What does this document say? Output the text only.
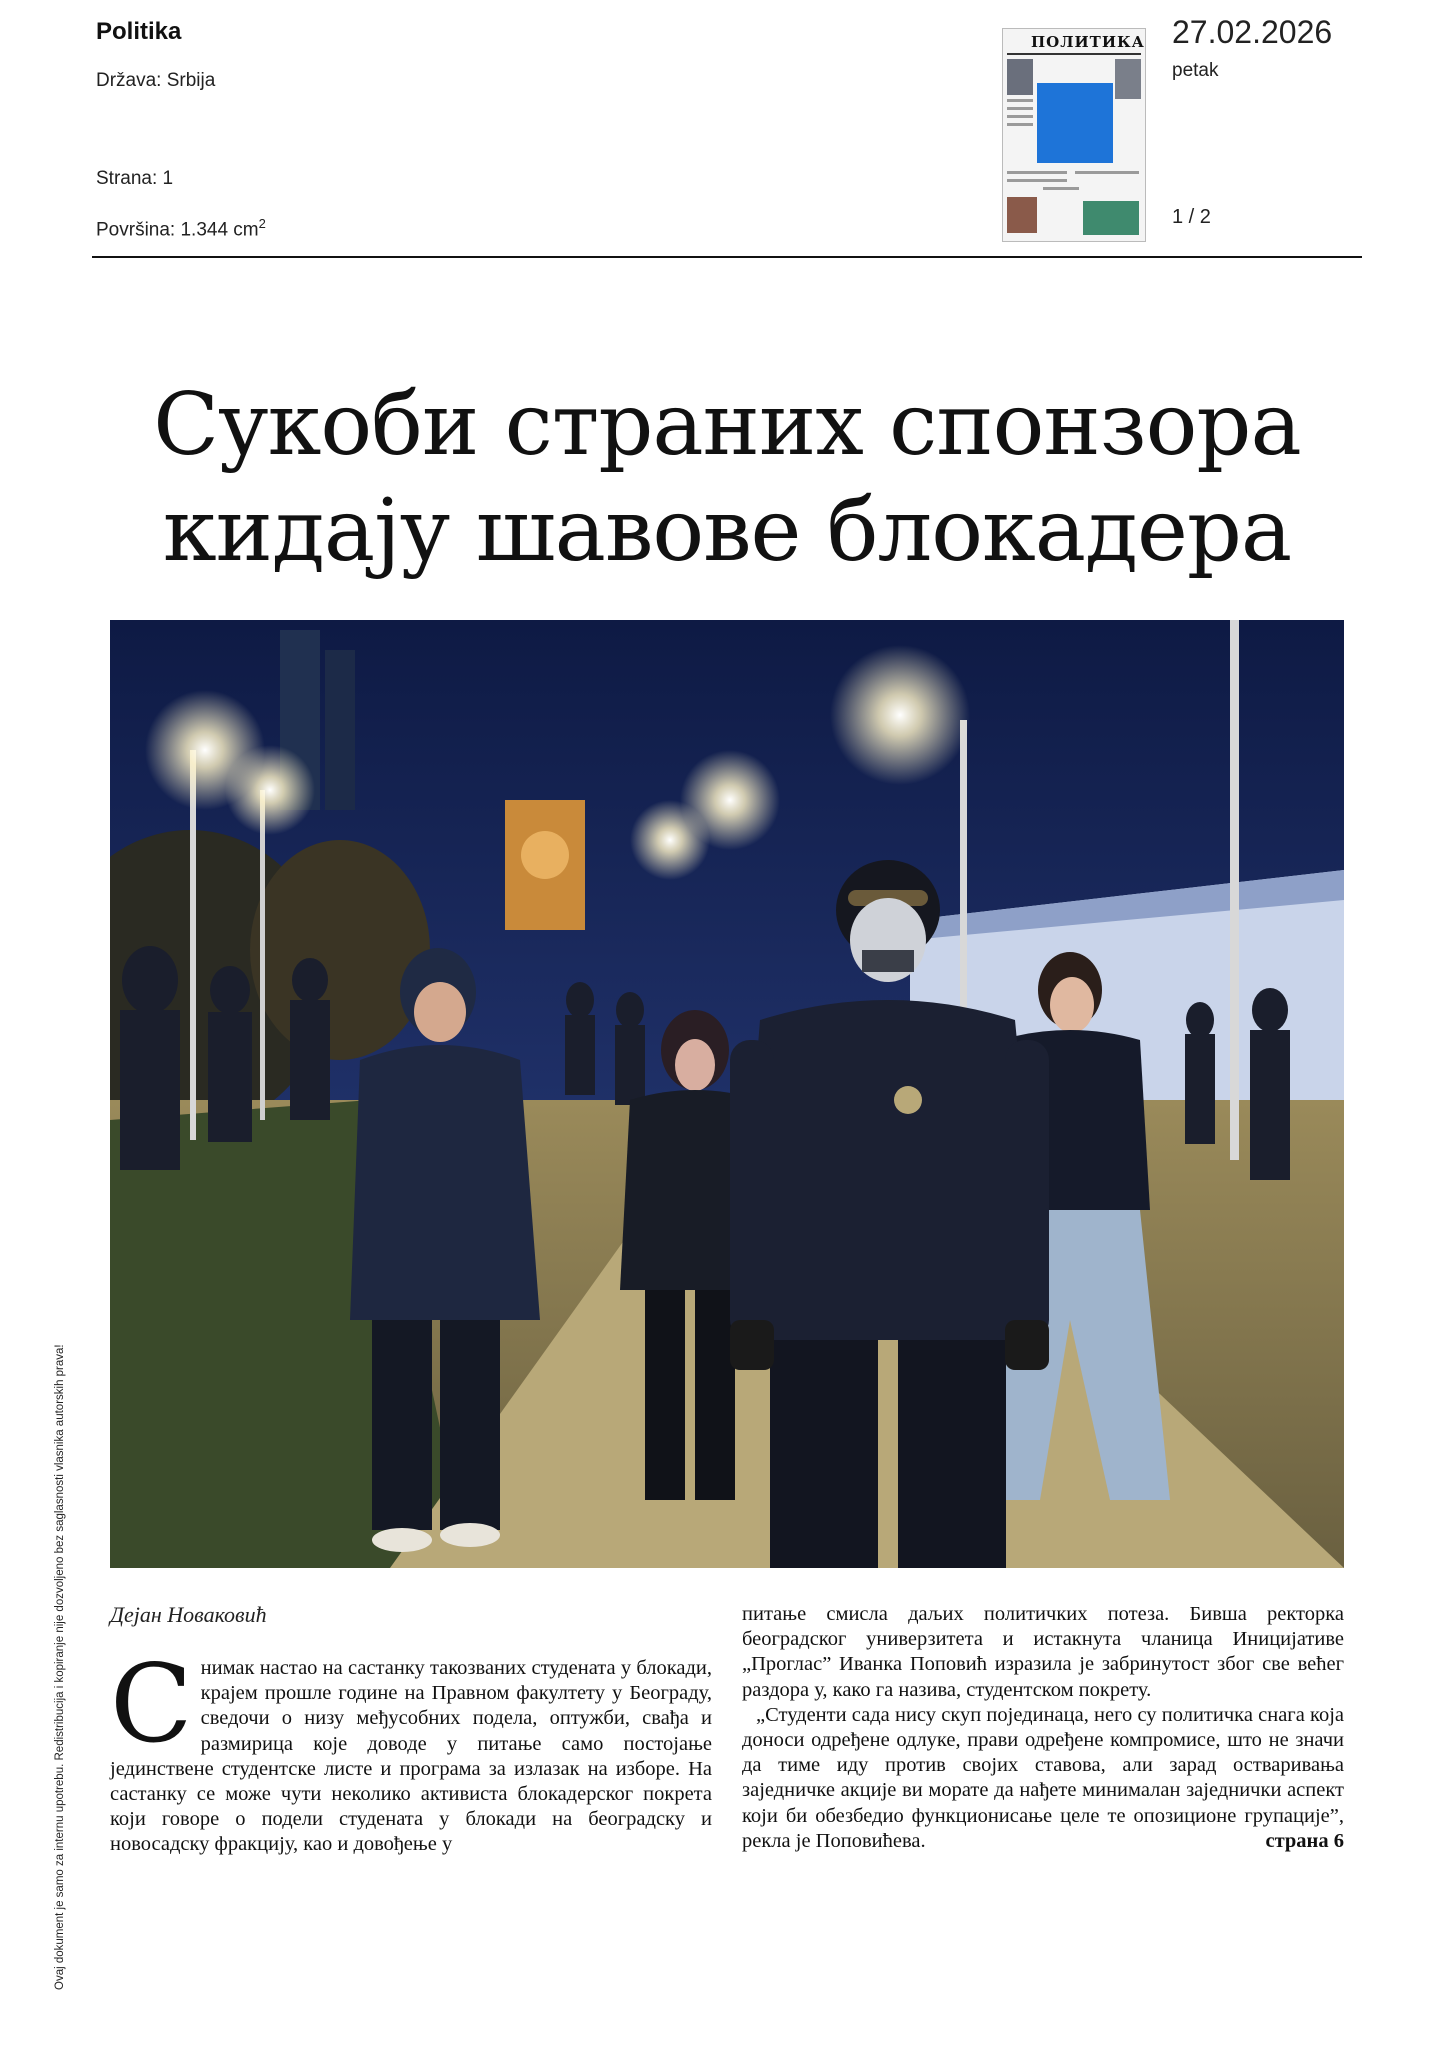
Politika
Država: Srbija
Strana: 1
Površina: 1.344 $cm^2$
ПОЛИТИКА 27.02.2026
petak
1 / 2
Ovaj dokument je samo za internu upotrebu. Redistribucija i kopiranje nije dozvoljeno bez saglasnosti vlasnika autorskih prava!
Сукоби страних спонзора
кидају шавове блокадера
Дејан Новаковић

Снимак настао на састанку такозваних студената у блокади, крајем прошле године на Правном факултету у Београду, сведочи о низу међусобних подела, оптужби, свађа и размирица које доводе у питање само постојање јединствене студентске листе и програма за излазак на изборе. На састанку се може чути неколико активиста блокадерског покрета који говоре о подели студената у блокади на београдску и новосадску фракцију, као и довођење у

питање смисла даљих политичких потеза. Бивша ректорка београдског универзитета и истакнута чланица Иницијативе „Проглас” Иванка Поповић изразила је забринутост због све већег раздора у, како га назива, студентском покрету.

„Студенти сада нису скуп појединаца, него су политичка снага која доноси одређене одлуке, прави одређене компромисе, што не значи да тиме иду против својих ставова, али зарад остваривања заједничке акције ви морате да нађете минималан заједнички аспект који би обезбедио функционисање целе те опозиционе групације”, рекла је Поповићева.	страна 6
